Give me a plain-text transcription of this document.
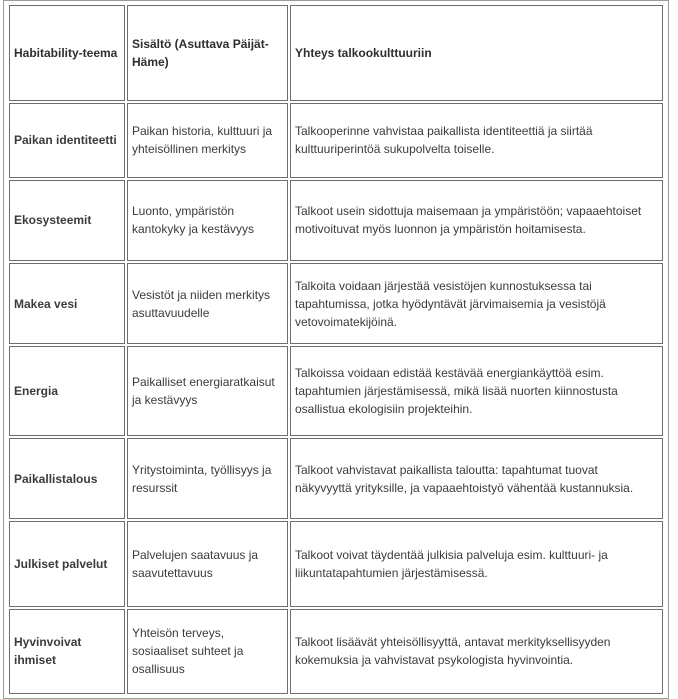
Habitability-teema	Sisältö (Asuttava Päijät-Häme)	Yhteys talkookulttuuriin
Paikan identiteetti	Paikan historia, kulttuuri ja yhteisöllinen merkitys	Talkooperinne vahvistaa paikallista identiteettiä ja siirtää kulttuuriperintöä sukupolvelta toiselle.
Ekosysteemit	Luonto, ympäristön kantokyky ja kestävyys	Talkoot usein sidottuja maisemaan ja ympäristöön; vapaaehtoiset motivoituvat myös luonnon ja ympäristön hoitamisesta.
Makea vesi	Vesistöt ja niiden merkitys asuttavuudelle	Talkoita voidaan järjestää vesistöjen kunnostuksessa tai tapahtumissa, jotka hyödyntävät järvimaisemia ja vesistöjä vetovoimatekijöinä.
Energia	Paikalliset energiaratkaisut ja kestävyys	Talkoissa voidaan edistää kestävää energiankäyttöä esim. tapahtumien järjestämisessä, mikä lisää nuorten kiinnostusta osallistua ekologisiin projekteihin.
Paikallistalous	Yritystoiminta, työllisyys ja resurssit	Talkoot vahvistavat paikallista taloutta: tapahtumat tuovat näkyvyyttä yrityksille, ja vapaaehtoistyö vähentää kustannuksia.
Julkiset palvelut	Palvelujen saatavuus ja saavutettavuus	Talkoot voivat täydentää julkisia palveluja esim. kulttuuri- ja liikuntatapahtumien järjestämisessä.
Hyvinvoivat ihmiset	Yhteisön terveys, sosiaaliset suhteet ja osallisuus	Talkoot lisäävät yhteisöllisyyttä, antavat merkityksellisyyden kokemuksia ja vahvistavat psykologista hyvinvointia.
